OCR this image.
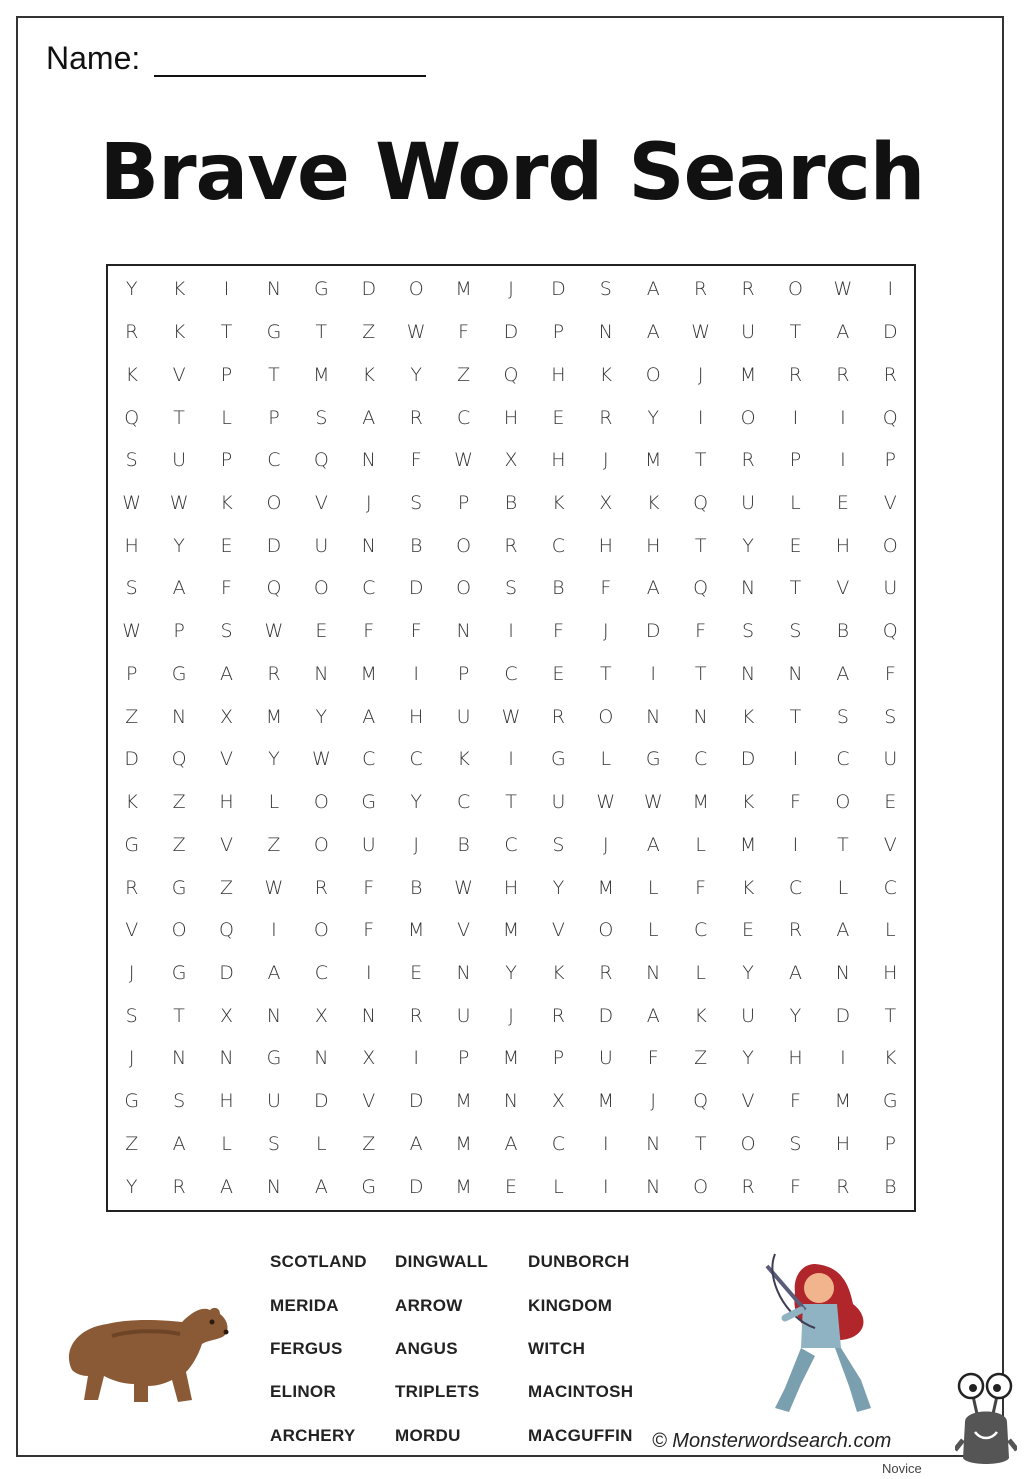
Name:
Brave Word Search
Y	K	I	N	G	D	O	M	J	D	S	A	R	R	O	W	I
R	K	T	G	T	Z	W	F	D	P	N	A	W	U	T	A	D
K	V	P	T	M	K	Y	Z	Q	H	K	O	J	M	R	R	R
Q	T	L	P	S	A	R	C	H	E	R	Y	I	O	I	I	Q
S	U	P	C	Q	N	F	W	X	H	J	M	T	R	P	I	P
W	W	K	O	V	J	S	P	B	K	X	K	Q	U	L	E	V
H	Y	E	D	U	N	B	O	R	C	H	H	T	Y	E	H	O
S	A	F	Q	O	C	D	O	S	B	F	A	Q	N	T	V	U
W	P	S	W	E	F	F	N	I	F	J	D	F	S	S	B	Q
P	G	A	R	N	M	I	P	C	E	T	I	T	N	N	A	F
Z	N	X	M	Y	A	H	U	W	R	O	N	N	K	T	S	S
D	Q	V	Y	W	C	C	K	I	G	L	G	C	D	I	C	U
K	Z	H	L	O	G	Y	C	T	U	W	W	M	K	F	O	E
G	Z	V	Z	O	U	J	B	C	S	J	A	L	M	I	T	V
R	G	Z	W	R	F	B	W	H	Y	M	L	F	K	C	L	C
V	O	Q	I	O	F	M	V	M	V	O	L	C	E	R	A	L
J	G	D	A	C	I	E	N	Y	K	R	N	L	Y	A	N	H
S	T	X	N	X	N	R	U	J	R	D	A	K	U	Y	D	T
J	N	N	G	N	X	I	P	M	P	U	F	Z	Y	H	I	K
G	S	H	U	D	V	D	M	N	X	M	J	Q	V	F	M	G
Z	A	L	S	L	Z	A	M	A	C	I	N	T	O	S	H	P
Y	R	A	N	A	G	D	M	E	L	I	N	O	R	F	R	B
SCOTLAND DINGWALL DUNBORCH
MERIDA	ARROW	KINGDOM
FERGUS	ANGUS	WITCH
ELINOR	TRIPLETS	MACINTOSH
ARCHERY MORDU	MACGUFFIN © Monsterwordsearch.com
Novice
